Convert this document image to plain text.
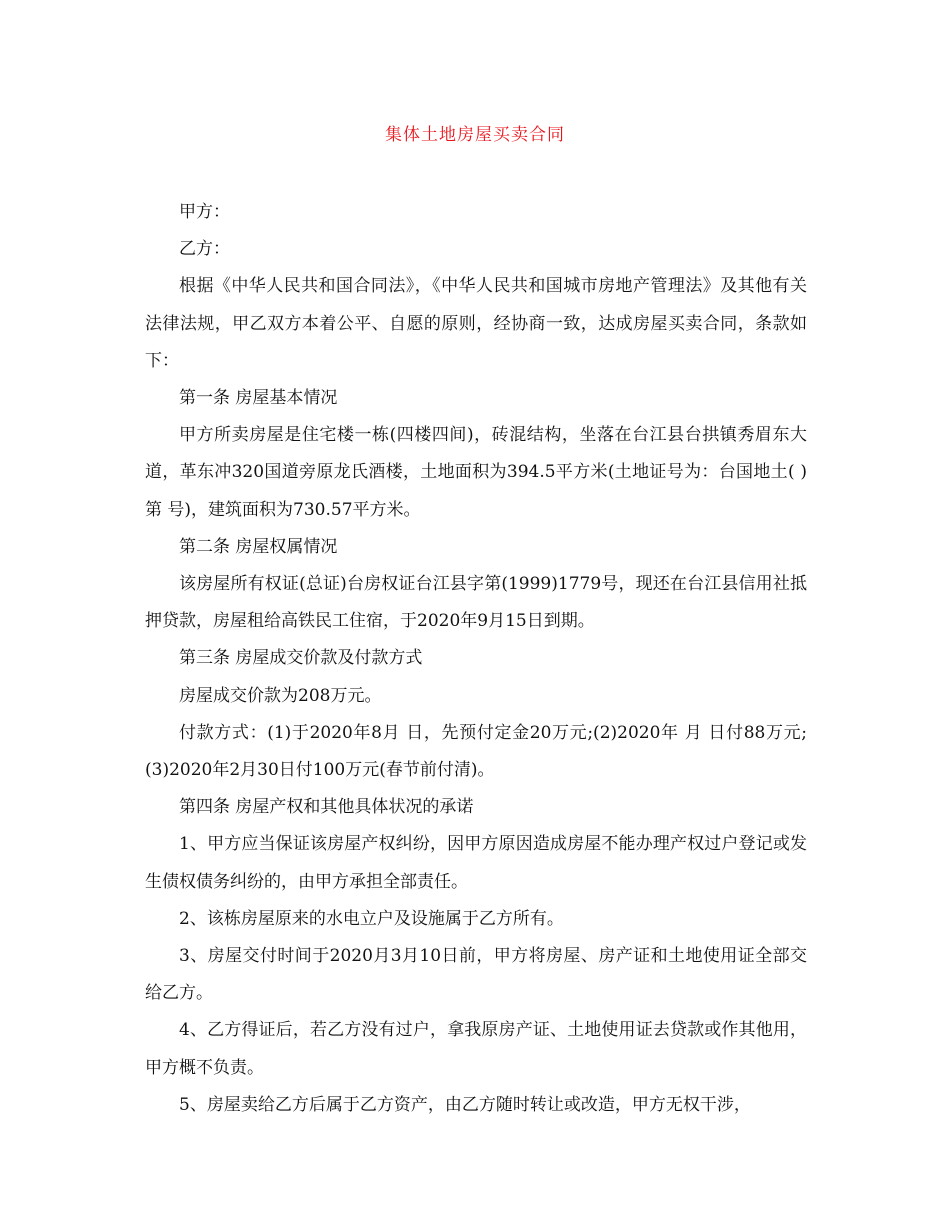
集体土地房屋买卖合同

甲方：

乙方：

根据《中华人民共和国合同法》，《中华人民共和国城市房地产管理法》及其他有关法律法规，甲乙双方本着公平、自愿的原则，经协商一致，达成房屋买卖合同，条款如下：

第一条 房屋基本情况

甲方所卖房屋是住宅楼一栋(四楼四间)，砖混结构，坐落在台江县台拱镇秀眉东大道，革东冲320国道旁原龙氏酒楼，土地面积为394.5平方米(土地证号为：台国地土( )第 号)，建筑面积为730.57平方米。

第二条 房屋权属情况

该房屋所有权证(总证)台房权证台江县字第(1999)1779号，现还在台江县信用社抵押贷款，房屋租给高铁民工住宿，于2020年9月15日到期。

第三条 房屋成交价款及付款方式

房屋成交价款为208万元。

付款方式：(1)于2020年8月 日，先预付定金20万元;(2)2020年 月 日付88万元;(3)2020年2月30日付100万元(春节前付清)。

第四条 房屋产权和其他具体状况的承诺

1、甲方应当保证该房屋产权纠纷，因甲方原因造成房屋不能办理产权过户登记或发生债权债务纠纷的，由甲方承担全部责任。

2、该栋房屋原来的水电立户及设施属于乙方所有。

3、房屋交付时间于2020月3月10日前，甲方将房屋、房产证和土地使用证全部交给乙方。

4、乙方得证后，若乙方没有过户，拿我原房产证、土地使用证去贷款或作其他用，甲方概不负责。

5、房屋卖给乙方后属于乙方资产，由乙方随时转让或改造，甲方无权干涉，
